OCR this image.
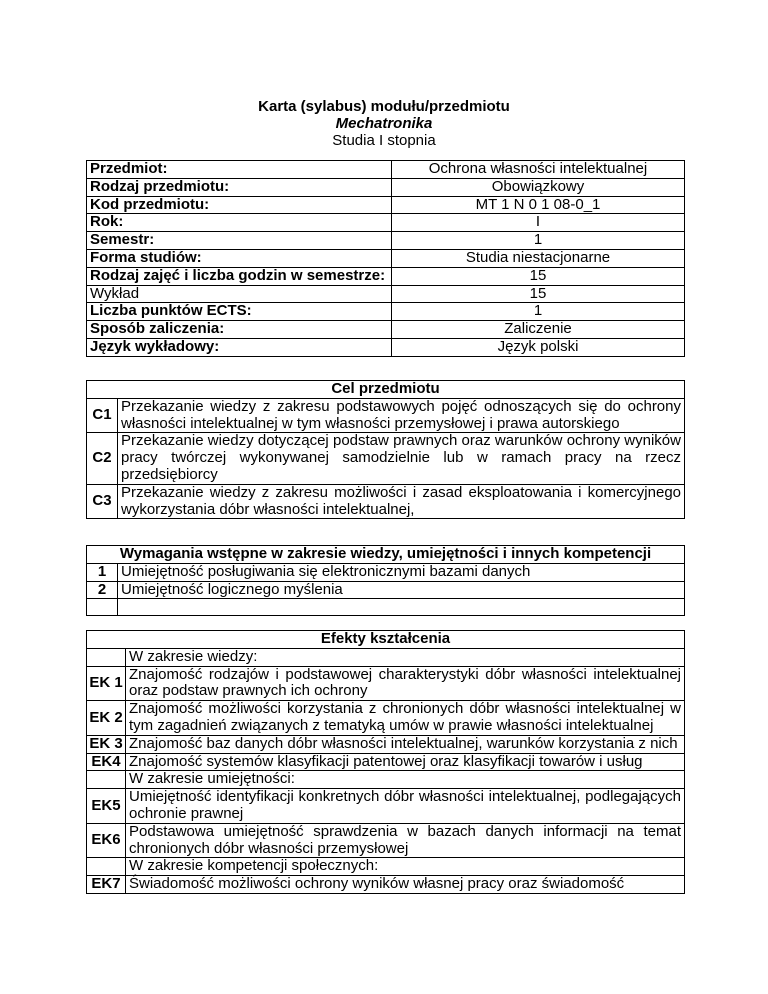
Karta (sylabus) modułu/przedmiotu
Mechatronika
Studia I stopnia
Przedmiot:	Ochrona własności intelektualnej
Rodzaj przedmiotu:	Obowiązkowy
Kod przedmiotu:	MT 1 N 0 1 08-0_1
Rok:	I
Semestr:	1
Forma studiów:	Studia niestacjonarne
Rodzaj zajęć i liczba godzin w semestrze:	15
Wykład	15
Liczba punktów ECTS:	1
Sposób zaliczenia:	Zaliczenie
Język wykładowy:	Język polski
Cel przedmiotu	
C1	Przekazanie wiedzy z zakresu podstawowych pojęć odnoszących się do ochrony własności intelektualnej w tym własności przemysłowej i prawa autorskiego
C2	Przekazanie wiedzy dotyczącej podstaw prawnych oraz warunków ochrony wyników pracy twórczej wykonywanej samodzielnie lub w ramach pracy na rzecz przedsiębiorcy
C3	Przekazanie wiedzy z zakresu możliwości i zasad eksploatowania i komercyjnego wykorzystania dóbr własności intelektualnej,
Wymagania wstępne w zakresie wiedzy, umiejętności i innych kompetencji	
1	Umiejętność posługiwania się elektronicznymi bazami danych
2	Umiejętność logicznego myślenia

Efekty kształcenia	
	W zakresie wiedzy:
EK 1	Znajomość rodzajów i podstawowej charakterystyki dóbr własności intelektualnej oraz podstaw prawnych ich ochrony
EK 2	Znajomość możliwości korzystania z chronionych dóbr własności intelektualnej w tym zagadnień związanych z tematyką umów w prawie własności intelektualnej
EK 3	Znajomość baz danych dóbr własności intelektualnej, warunków korzystania z nich
EK4	Znajomość systemów klasyfikacji patentowej oraz klasyfikacji towarów i usług
	W zakresie umiejętności:
EK5	Umiejętność identyfikacji konkretnych dóbr własności intelektualnej, podlegających ochronie prawnej
EK6	Podstawowa umiejętność sprawdzenia w bazach danych informacji na temat chronionych dóbr własności przemysłowej
	W zakresie kompetencji społecznych:
EK7	Świadomość możliwości ochrony wyników własnej pracy oraz świadomość
